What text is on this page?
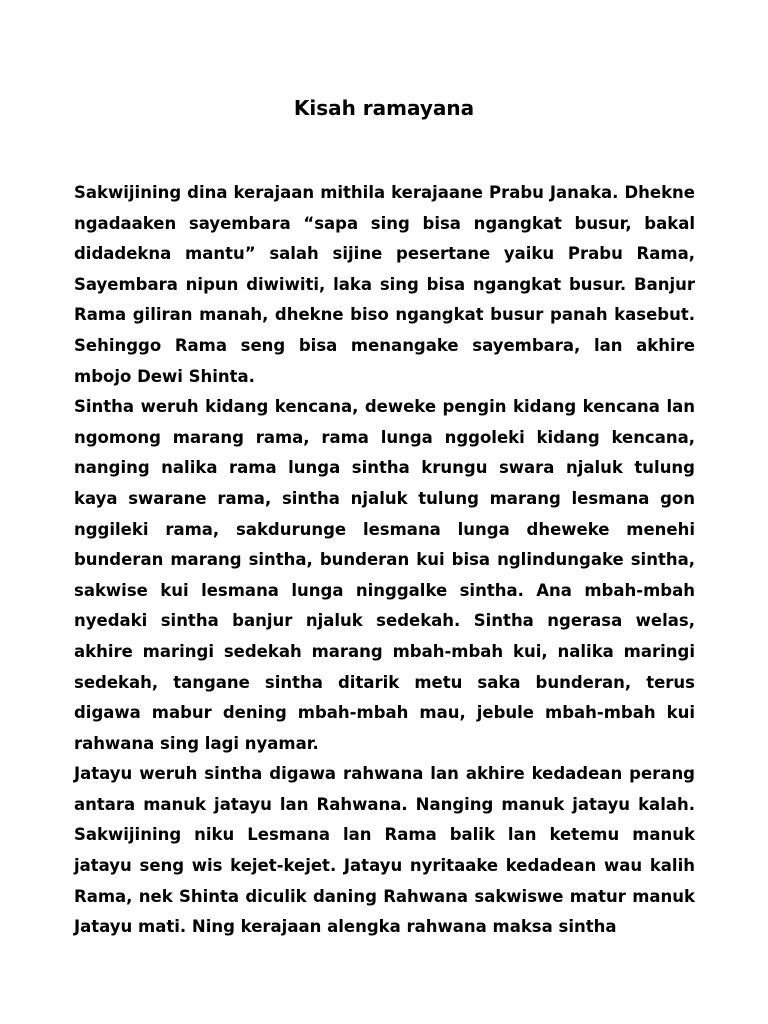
Kisah ramayana

Sakwijining dina kerajaan mithila kerajaane Prabu Janaka. Dhekne ngadaaken sayembara “sapa sing bisa ngangkat busur, bakal didadekna mantu” salah sijine pesertane yaiku Prabu Rama, Sayembara nipun diwiwiti, laka sing bisa ngangkat busur. Banjur Rama giliran manah, dhekne biso ngangkat busur panah kasebut. Sehinggo Rama seng bisa menangake sayembara, lan akhire mbojo Dewi Shinta.

Sintha weruh kidang kencana, deweke pengin kidang kencana lan ngomong marang rama, rama lunga nggoleki kidang kencana, nanging nalika rama lunga sintha krungu swara njaluk tulung kaya swarane rama, sintha njaluk tulung marang lesmana gon nggileki rama, sakdurunge lesmana lunga dheweke menehi bunderan marang sintha, bunderan kui bisa nglindungake sintha, sakwise kui lesmana lunga ninggalke sintha. Ana mbah-mbah nyedaki sintha banjur njaluk sedekah. Sintha ngerasa welas, akhire maringi sedekah marang mbah-mbah kui, nalika maringi sedekah, tangane sintha ditarik metu saka bunderan, terus digawa mabur dening mbah-mbah mau, jebule mbah-mbah kui rahwana sing lagi nyamar.

Jatayu weruh sintha digawa rahwana lan akhire kedadean perang antara manuk jatayu lan Rahwana. Nanging manuk jatayu kalah. Sakwijining niku Lesmana lan Rama balik lan ketemu manuk jatayu seng wis kejet-kejet. Jatayu nyritaake kedadean wau kalih Rama, nek Shinta diculik daning Rahwana sakwiswe matur manuk Jatayu mati. Ning kerajaan alengka rahwana maksa sintha
